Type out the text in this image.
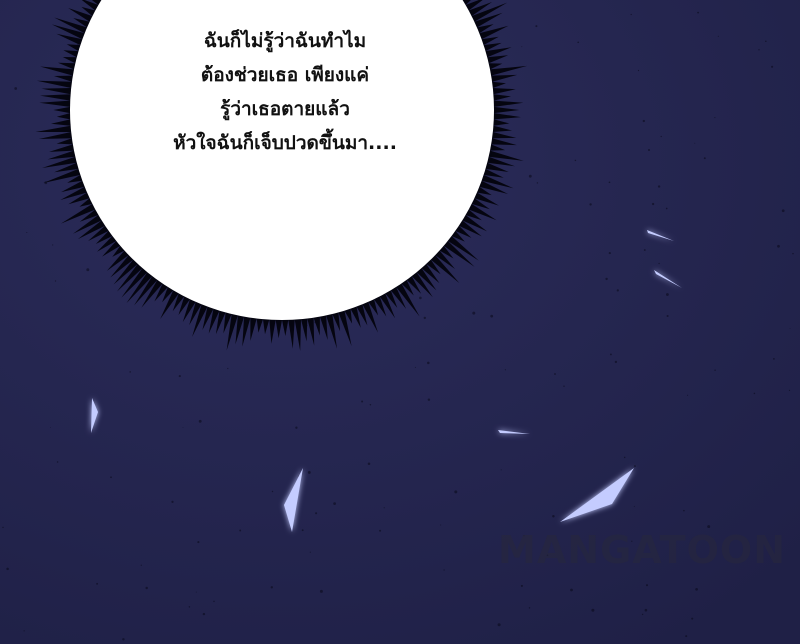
ฉันก็ไม่รู้ว่าฉันทำไม
ต้องช่วยเธอ เพียงแค่
รู้ว่าเธอตายแล้ว
หัวใจฉันก็เจ็บปวดขึ้นมา....
MANGATOON
